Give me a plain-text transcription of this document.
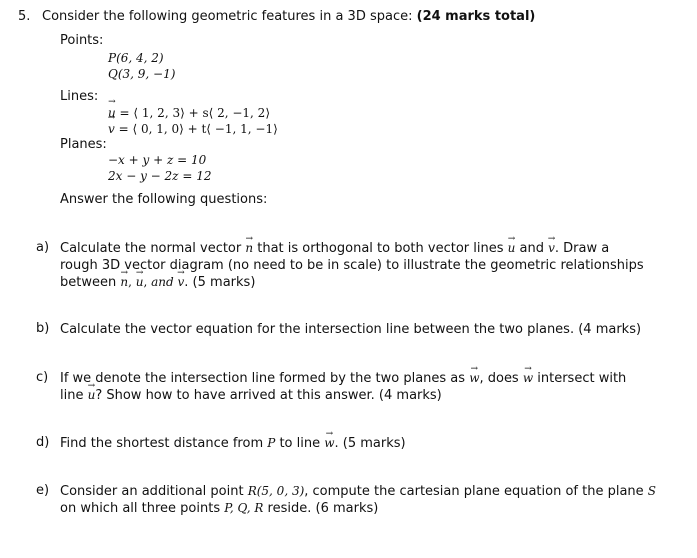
5. Consider the following geometric features in a 3D space: (24 marks total)
Points:
P(6, 4, 2)
Q(3, 9, −1)
Lines:
→ u = ⟨ 1, 2, 3⟩ + s⟨ 2, −1, 2⟩
→ v = ⟨ 0, 1, 0⟩ + t⟨ −1, 1, −1⟩
Planes:
−x + y + z = 10
2x − y − 2z = 12
Answer the following questions:
a) Calculate the normal vector → n that is orthogonal to both vector lines → u and → v. Draw a
rough 3D vector diagram (no need to be in scale) to illustrate the geometric relationships
between → n, → u, and → v. (5 marks)
b) Calculate the vector equation for the intersection line between the two planes. (4 marks)
c) If we denote the intersection line formed by the two planes as → w, does → w intersect with
line → u? Show how to have arrived at this answer. (4 marks)
d) Find the shortest distance from P to line → w. (5 marks)
e) Consider an additional point R(5, 0, 3), compute the cartesian plane equation of the plane S
on which all three points P, Q, R reside. (6 marks)
